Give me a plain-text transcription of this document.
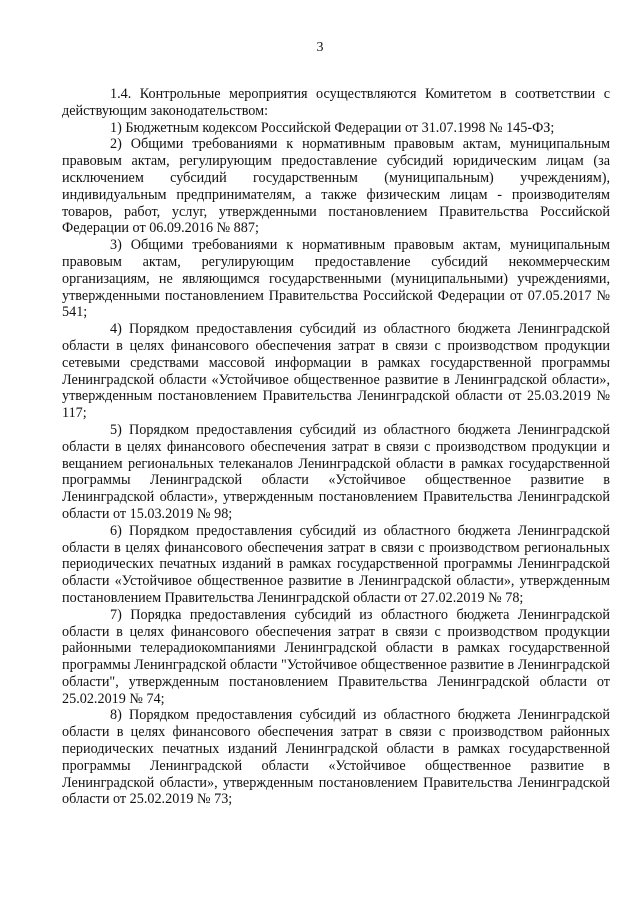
3

1.4. Контрольные мероприятия осуществляются Комитетом в соответствии с действующим законодательством:

1) Бюджетным кодексом Российской Федерации от 31.07.1998 № 145-ФЗ;

2) Общими требованиями к нормативным правовым актам, муниципальным правовым актам, регулирующим предоставление субсидий юридическим лицам (за исключением субсидий государственным (муниципальным) учреждениям), индивидуальным предпринимателям, а также физическим лицам - производителям товаров, работ, услуг, утвержденными постановлением Правительства Российской Федерации от 06.09.2016 № 887;

3) Общими требованиями к нормативным правовым актам, муниципальным правовым актам, регулирующим предоставление субсидий некоммерческим организациям, не являющимся государственными (муниципальными) учреждениями, утвержденными постановлением Правительства Российской Федерации от 07.05.2017 № 541;

4) Порядком предоставления субсидий из областного бюджета Ленинградской области в целях финансового обеспечения затрат в связи с производством продукции сетевыми средствами массовой информации в рамках государственной программы Ленинградской области «Устойчивое общественное развитие в Ленинградской области», утвержденным постановлением Правительства Ленинградской области от 25.03.2019 № 117;

5) Порядком предоставления субсидий из областного бюджета Ленинградской области в целях финансового обеспечения затрат в связи с производством продукции и вещанием региональных телеканалов Ленинградской области в рамках государственной программы Ленинградской области «Устойчивое общественное развитие в Ленинградской области», утвержденным постановлением Правительства Ленинградской области от 15.03.2019 № 98;

6) Порядком предоставления субсидий из областного бюджета Ленинградской области в целях финансового обеспечения затрат в связи с производством региональных периодических печатных изданий в рамках государственной программы Ленинградской области «Устойчивое общественное развитие в Ленинградской области», утвержденным постановлением Правительства Ленинградской области от 27.02.2019 № 78;

7) Порядка предоставления субсидий из областного бюджета Ленинградской области в целях финансового обеспечения затрат в связи с производством продукции районными телерадиокомпаниями Ленинградской области в рамках государственной программы Ленинградской области "Устойчивое общественное развитие в Ленинградской области", утвержденным постановлением Правительства Ленинградской области от 25.02.2019 № 74;

8) Порядком предоставления субсидий из областного бюджета Ленинградской области в целях финансового обеспечения затрат в связи с производством районных периодических печатных изданий Ленинградской области в рамках государственной программы Ленинградской области «Устойчивое общественное развитие в Ленинградской области», утвержденным постановлением Правительства Ленинградской области от 25.02.2019 № 73;
